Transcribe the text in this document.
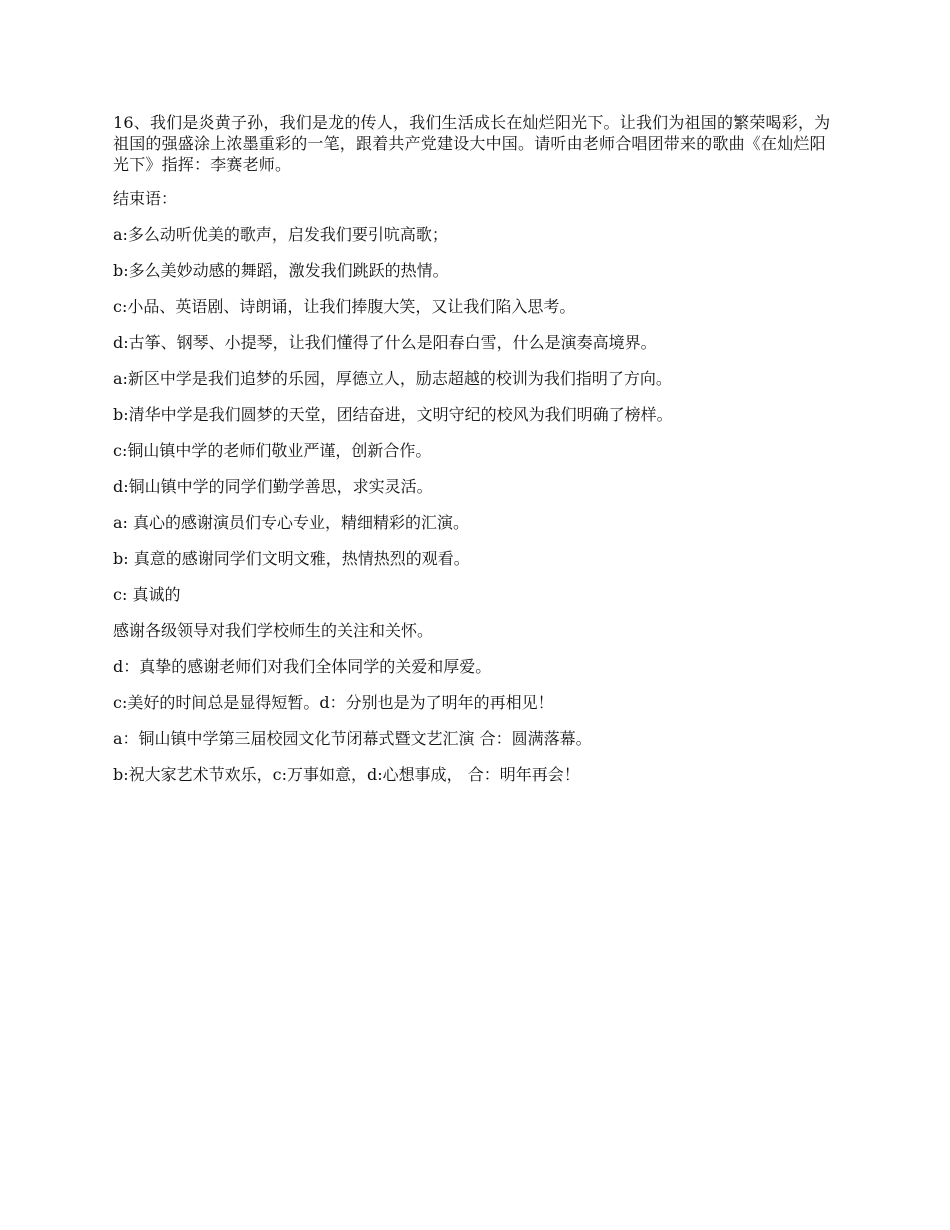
16、我们是炎黄子孙，我们是龙的传人，我们生活成长在灿烂阳光下。让我们为祖国的繁荣喝彩，为祖国的强盛涂上浓墨重彩的一笔，跟着共产党建设大中国。请听由老师合唱团带来的歌曲《在灿烂阳光下》指挥：李赛老师。

结束语：

a:多么动听优美的歌声，启发我们要引吭高歌；

b:多么美妙动感的舞蹈，激发我们跳跃的热情。

c:小品、英语剧、诗朗诵，让我们捧腹大笑，又让我们陷入思考。

d:古筝、钢琴、小提琴，让我们懂得了什么是阳春白雪，什么是演奏高境界。

a:新区中学是我们追梦的乐园，厚德立人，励志超越的校训为我们指明了方向。

b:清华中学是我们圆梦的天堂，团结奋进，文明守纪的校风为我们明确了榜样。

c:铜山镇中学的老师们敬业严谨，创新合作。

d:铜山镇中学的同学们勤学善思，求实灵活。

a: 真心的感谢演员们专心专业，精细精彩的汇演。

b: 真意的感谢同学们文明文雅，热情热烈的观看。

c: 真诚的

感谢各级领导对我们学校师生的关注和关怀。

d：真挚的感谢老师们对我们全体同学的关爱和厚爱。

c:美好的时间总是显得短暂。d：分别也是为了明年的再相见！

a：铜山镇中学第三届校园文化节闭幕式暨文艺汇演 合：圆满落幕。

b:祝大家艺术节欢乐，c:万事如意，d:心想事成， 合：明年再会！
